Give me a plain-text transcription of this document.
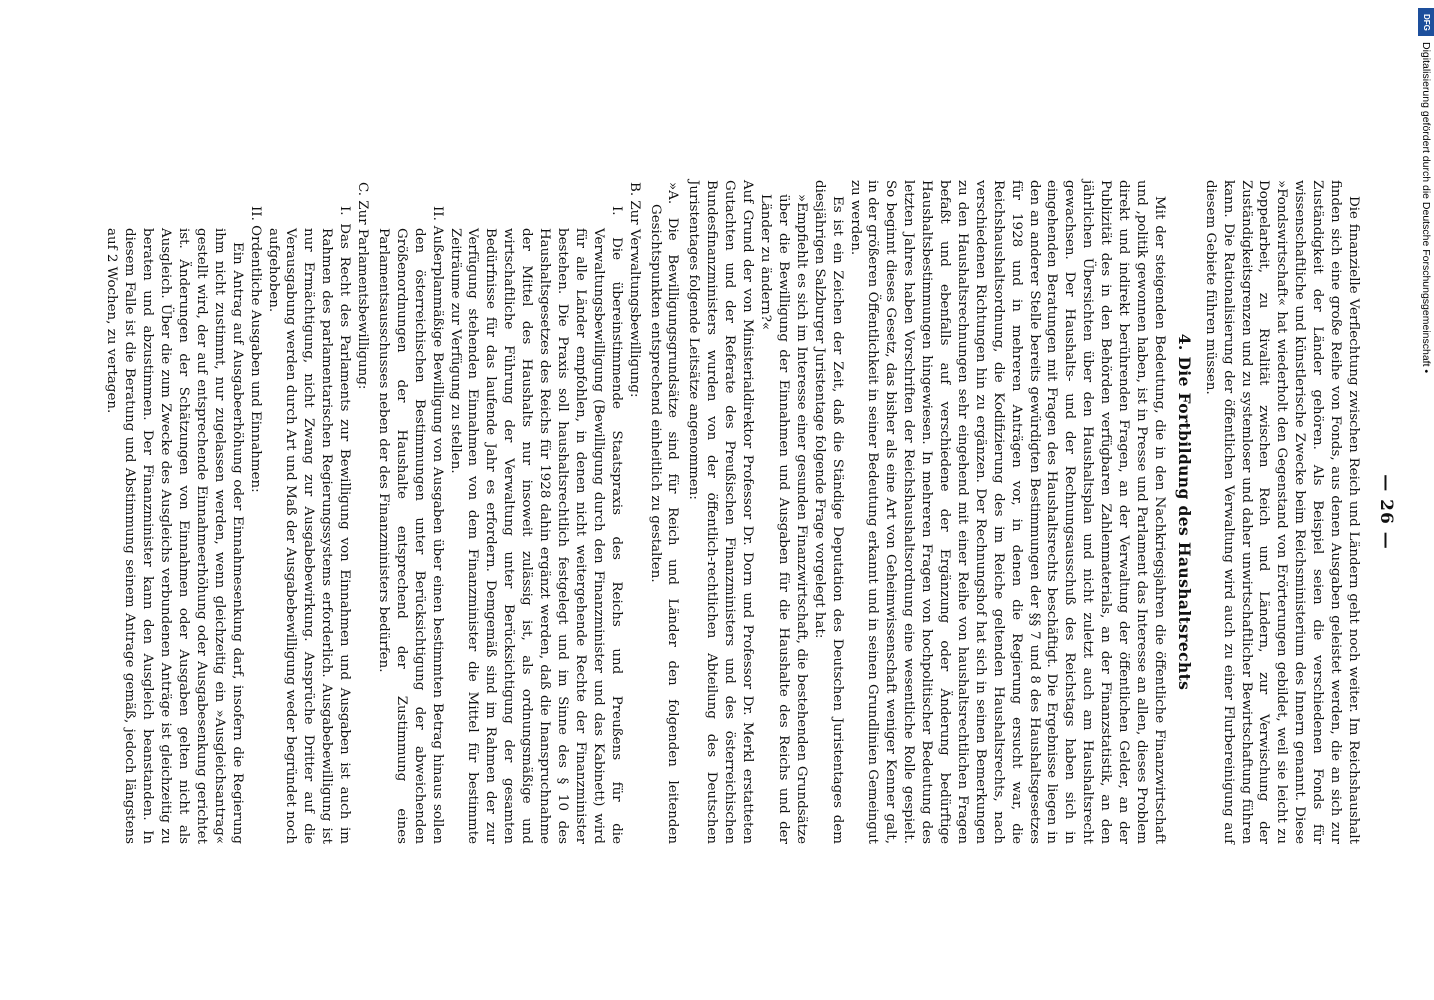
— 26 —

Die finanzielle Verflechtung zwischen Reich und Ländern geht noch weiter. Im Reichshaushalt finden sich eine große Reihe von Fonds, aus denen Ausgaben geleistet werden, die an sich zur Zuständigkeit der Länder gehören. Als Beispiel seien die verschiedenen Fonds für wissenschaftliche und künstlerische Zwecke beim Reichsministerium des Innern genannt. Diese »Fondswirtschaft« hat wiederholt den Gegenstand von Erörterungen gebildet, weil sie leicht zu Doppelarbeit, zu Rivalität zwischen Reich und Ländern, zur Verwischung der Zuständigkeitsgrenzen und zu systemloser und daher unwirtschaftlicher Bewirtschaftung führen kann. Die Rationalisierung der öffentlichen Verwaltung wird auch zu einer Flurbereinigung auf diesem Gebiete führen müssen.

4. Die Fortbildung des Haushaltsrechts

Mit der steigenden Bedeutung, die in den Nachkriegsjahren die öffentliche Finanzwirtschaft und ,politik gewonnen haben, ist in Presse und Parlament das Interesse an allen, dieses Problem direkt und indirekt berührenden Fragen, an der Verwaltung der öffentlichen Gelder, an der Publizität des in den Behörden verfügbaren Zahlenmaterials, an der Finanzstatistik, an den jährlichen Übersichten über den Haushaltsplan und nicht zuletzt auch am Haushaltsrecht gewachsen. Der Haushalts- und der Rechnungsausschuß des Reichstags haben sich in eingehenden Beratungen mit Fragen des Haushaltsrechts beschäftigt. Die Ergebnisse liegen in den an anderer Stelle bereits gewürdigten Bestimmungen der §§ 7 und 8 des Haushaltsgesetzes für 1928 und in mehreren Anträgen vor, in denen die Regierung ersucht war, die Reichshaushaltsordnung, die Kodifizierung des im Reiche geltenden Haushaltsrechts, nach verschiedenen Richtungen hin zu ergänzen. Der Rechnungshof hat sich in seinen Bemerkungen zu den Haushaltsrechnungen sehr eingehend mit einer Reihe von haushaltsrechtlichen Fragen befaßt und ebenfalls auf verschiedene der Ergänzung oder Änderung bedürftige Haushaltsbestimmungen hingewiesen. In mehreren Fragen von hochpolitischer Bedeutung des letzten Jahres haben Vorschriften der Reichshaushaltsordnung eine wesentliche Rolle gespielt. So beginnt dieses Gesetz, das bisher als eine Art von Geheimwissenschaft weniger Kenner galt, in der größeren Öffentlichkeit in seiner Bedeutung erkannt und in seinen Grundlinien Gemeingut zu werden.

Es ist ein Zeichen der Zeit, daß die Ständige Deputation des Deutschen Juristentages dem diesjährigen Salzburger Juristentage folgende Frage vorgelegt hat:

»Empfiehlt es sich im Interesse einer gesunden Finanzwirtschaft, die bestehenden Grundsätze über die Bewilligung der Einnahmen und Ausgaben für die Haushalte des Reichs und der Länder zu ändern?«

Auf Grund der von Ministerialdirektor Professor Dr. Dorn und Professor Dr. Merkl erstatteten Gutachten und der Referate des Preußischen Finanzministers und des österreichischen Bundesfinanzministers wurden von der öffentlich-rechtlichen Abteilung des Deutschen Juristentages folgende Leitsätze angenommen:

»A. Die Bewilligungsgrundsätze sind für Reich und Länder den folgenden leitenden Gesichtspunkten entsprechend einheitlich zu gestalten.

B. Zur Verwaltungsbewilligung:

I. Die übereinstimmende Staatspraxis des Reichs und Preußens für die Verwaltungsbewilligung (Bewilligung durch den Finanzminister und das Kabinett) wird für alle Länder empfohlen, in denen nicht weitergehende Rechte der Finanzminister bestehen. Die Praxis soll haushaltsrechtlich festgelegt und im Sinne des § 10 des Haushaltsgesetzes des Reichs für 1928 dahin ergänzt werden, daß die Inanspruchnahme der Mittel des Haushalts nur insoweit zulässig ist, als ordnungsmäßige und wirtschaftliche Führung der Verwaltung unter Berücksichtigung der gesamten Bedürfnisse für das laufende Jahr es erfordern. Demgemäß sind im Rahmen der zur Verfügung stehenden Einnahmen von dem Finanzminister die Mittel für bestimmte Zeiträume zur Verfügung zu stellen.

II. Außerplanmäßige Bewilligung von Ausgaben über einen bestimmten Betrag hinaus sollen den österreichischen Bestimmungen unter Berücksichtigung der abweichenden Größenordnungen der Haushalte entsprechend der Zustimmung eines Parlamentsausschusses neben der des Finanzministers bedürfen.

C. Zur Parlamentsbewilligung:

I. Das Recht des Parlaments zur Bewilligung von Einnahmen und Ausgaben ist auch im Rahmen des parlamentarischen Regierungssystems erforderlich. Ausgabebewilligung ist nur Ermächtigung, nicht Zwang zur Ausgabebewirkung. Ansprüche Dritter auf die Verausgabung werden durch Art und Maß der Ausgabebewilligung weder begründet noch aufgehoben.

II. Ordentliche Ausgaben und Einnahmen:

Ein Antrag auf Ausgabeerhöhung oder Einnahmesenkung darf, insofern die Regierung ihm nicht zustimmt, nur zugelassen werden, wenn gleichzeitig ein »Ausgleichsantrag« gestellt wird, der auf entsprechende Einnahmeerhöhung oder Ausgabesenkung gerichtet ist. Änderungen der Schätzungen von Einnahmen oder Ausgaben gelten nicht als Ausgleich. Über die zum Zwecke des Ausgleichs verbundenen Anträge ist gleichzeitig zu beraten und abzustimmen. Der Finanzminister kann den Ausgleich beanstanden. In diesem Falle ist die Beratung und Abstimmung seinem Antrage gemäß, jedoch längstens auf 2 Wochen, zu vertagen.

DFG
Digitalisierung gefördert durch die Deutsche Forschungsgemeinschaft •
